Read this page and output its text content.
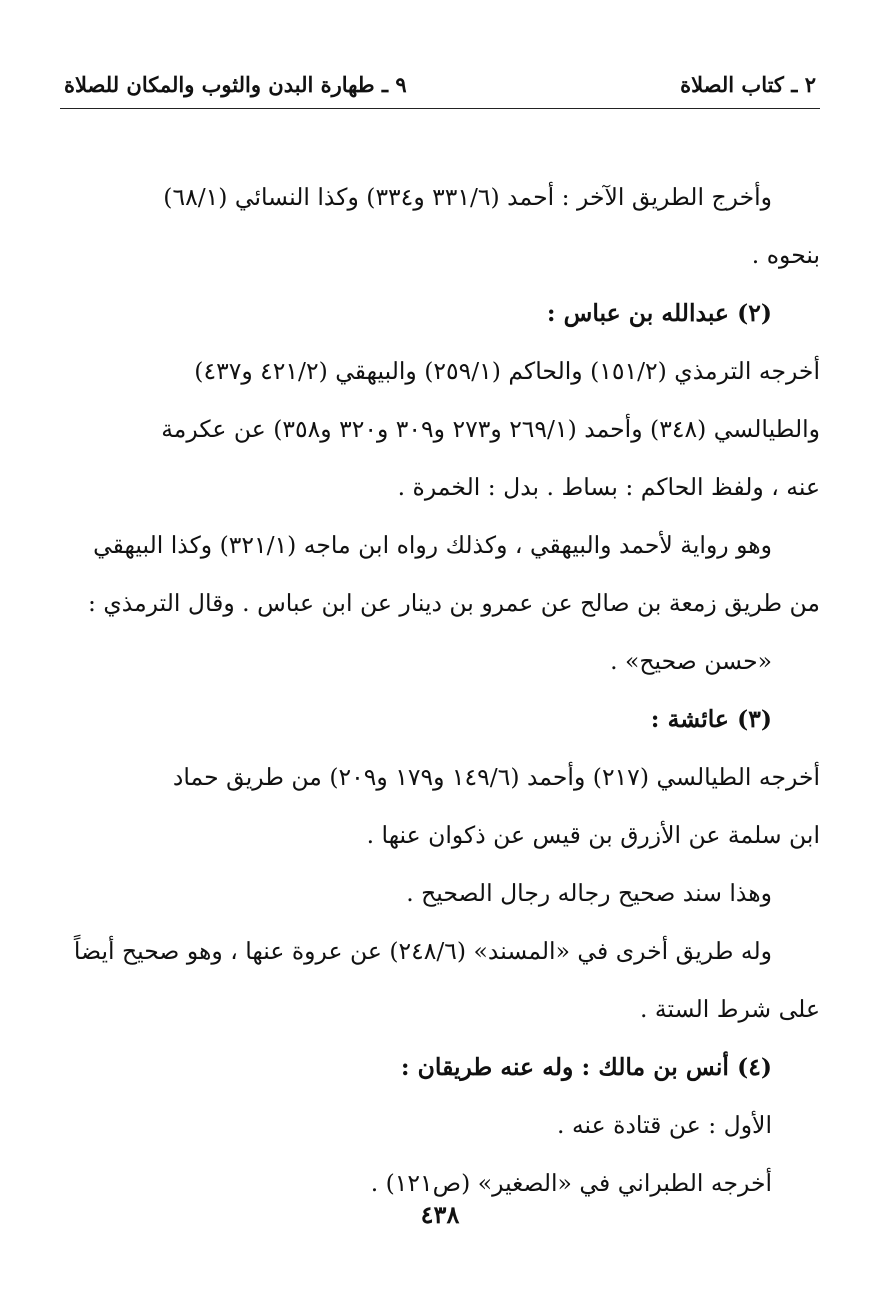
٢ ـ كتاب الصلاة
٩ ـ طهارة البدن والثوب والمكان للصلاة

وأخرج الطريق الآخر : أحمد (٣٣١/٦ و٣٣٤) وكذا النسائي (٦٨/١)

بنحوه .

(٢) عبدالله بن عباس :

أخرجه الترمذي (١٥١/٢) والحاكم (٢٥٩/١) والبيهقي (٤٢١/٢ و٤٣٧)

والطيالسي (٣٤٨) وأحمد (٢٦٩/١ و٢٧٣ و٣٠٩ و٣٢٠ و٣٥٨) عن عكرمة

عنه ، ولفظ الحاكم : بساط . بدل : الخمرة .

وهو رواية لأحمد والبيهقي ، وكذلك رواه ابن ماجه (٣٢١/١) وكذا البيهقي

من طريق زمعة بن صالح عن عمرو بن دينار عن ابن عباس . وقال الترمذي :

«حسن صحيح» .

(٣) عائشة :

أخرجه الطيالسي (٢١٧) وأحمد (١٤٩/٦ و١٧٩ و٢٠٩) من طريق حماد

ابن سلمة عن الأزرق بن قيس عن ذكوان عنها .

وهذا سند صحيح رجاله رجال الصحيح .

وله طريق أخرى في «المسند» (٢٤٨/٦) عن عروة عنها ، وهو صحيح أيضاً

على شرط الستة .

(٤) أنس بن مالك : وله عنه طريقان :

الأول : عن قتادة عنه .

أخرجه الطبراني في «الصغير» (ص١٢١) .

٤٣٨
